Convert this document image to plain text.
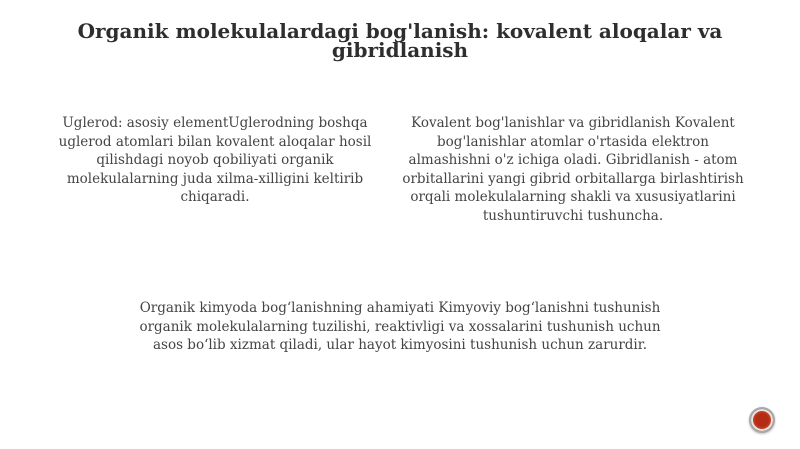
Organik molekulalardagi bog'lanish: kovalent aloqalar va
gibridlanish
Uglerod: asosiy elementUglerodning boshqa uglerod atomlari bilan kovalent aloqalar hosil qilishdagi noyob qobiliyati organik molekulalarning juda xilma-xilligini keltirib chiqaradi.
Kovalent bog'lanishlar va gibridlanish Kovalent bog'lanishlar atomlar o'rtasida elektron almashishni o'z ichiga oladi. Gibridlanish - atom orbitallarini yangi gibrid orbitallarga birlashtirish orqali molekulalarning shakli va xususiyatlarini tushuntiruvchi tushuncha.
Organik kimyoda bog‘lanishning ahamiyati Kimyoviy bog‘lanishni tushunish organik molekulalarning tuzilishi, reaktivligi va xossalarini tushunish uchun asos bo‘lib xizmat qiladi, ular hayot kimyosini tushunish uchun zarurdir.
